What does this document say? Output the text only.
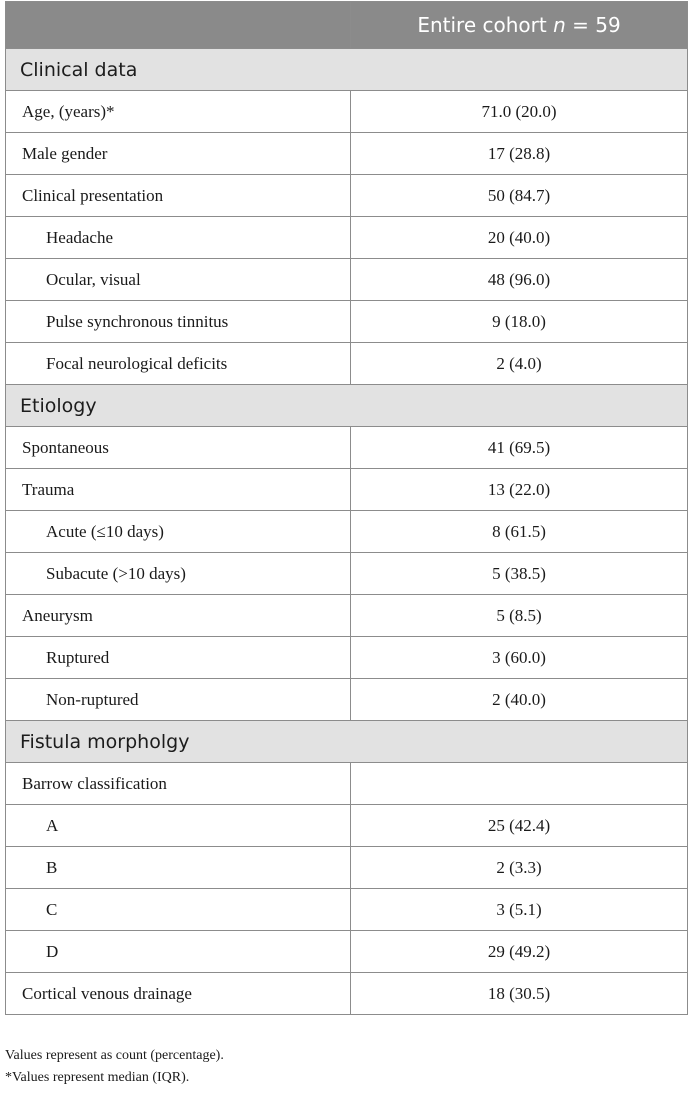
	Entire cohort n = 59
Clinical data	
Age, (years)*	71.0 (20.0)
Male gender	17 (28.8)
Clinical presentation	50 (84.7)
Headache	20 (40.0)
Ocular, visual	48 (96.0)
Pulse synchronous tinnitus	9 (18.0)
Focal neurological deficits	2 (4.0)
Etiology	
Spontaneous	41 (69.5)
Trauma	13 (22.0)
Acute (≤10 days)	8 (61.5)
Subacute (>10 days)	5 (38.5)
Aneurysm	5 (8.5)
Ruptured	3 (60.0)
Non-ruptured	2 (40.0)
Fistula morpholgy	
Barrow classification	
A	25 (42.4)
B	2 (3.3)
C	3 (5.1)
D	29 (49.2)
Cortical venous drainage	18 (30.5)
Values represent as count (percentage).
*Values represent median (IQR).
